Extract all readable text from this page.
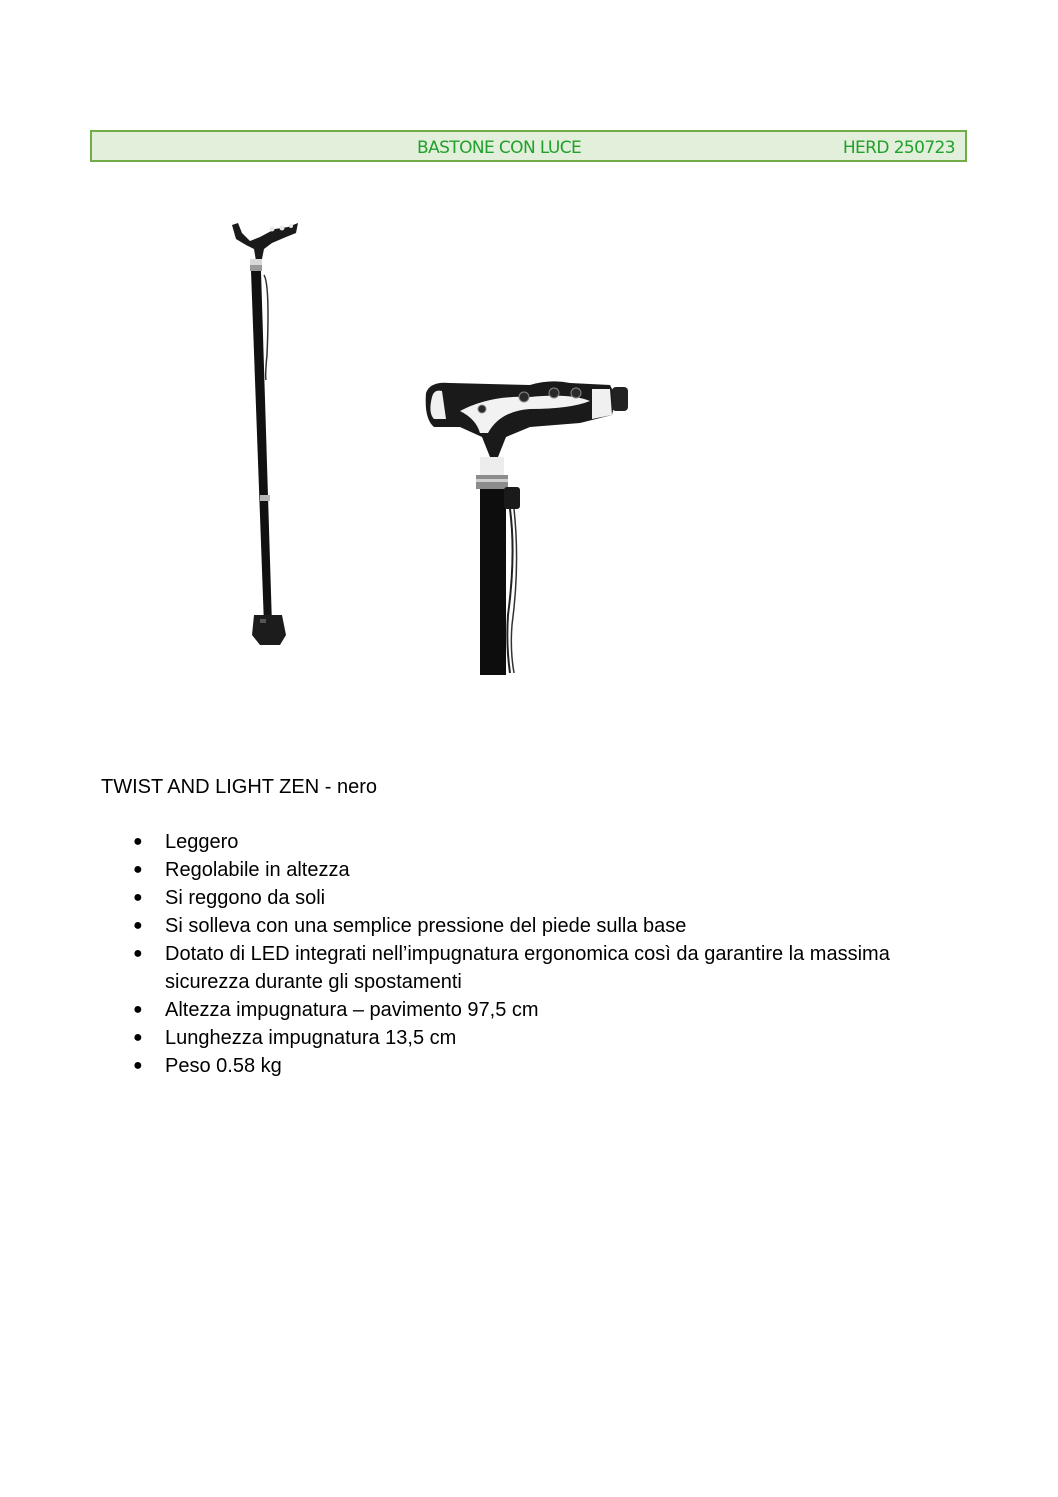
BASTONE CON LUCE	HERD 250723
TWIST AND LIGHT ZEN - nero
● Leggero
● Regolabile in altezza
● Si reggono da soli
● Si solleva con una semplice pressione del piede sulla base
● Dotato di LED integrati nell’impugnatura ergonomica così da garantire la massima sicurezza durante gli spostamenti
● Altezza impugnatura – pavimento 97,5 cm
● Lunghezza impugnatura 13,5 cm
● Peso 0.58 kg
